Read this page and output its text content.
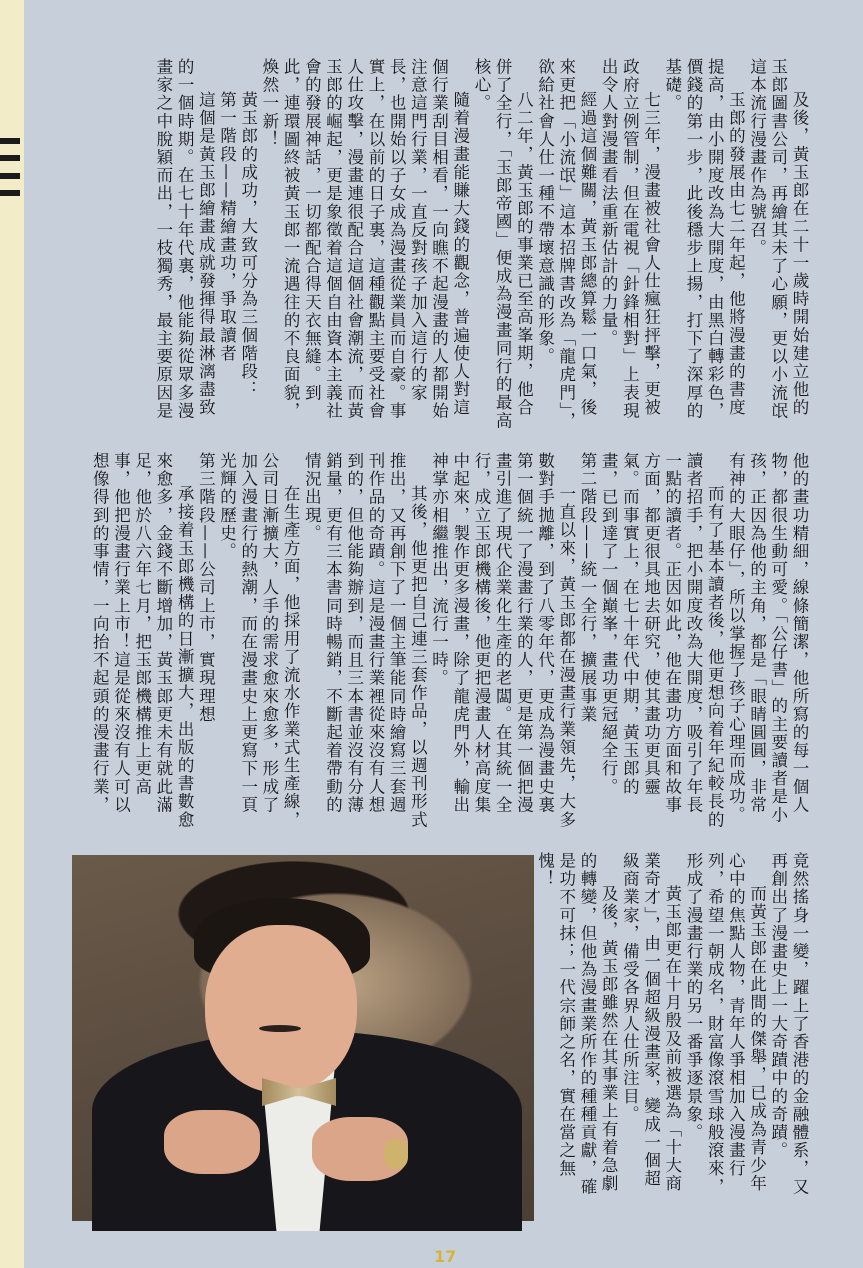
及後，黃玉郎在二十一歲時開始建立他的玉郎圖書公司，再繪其未了心願，更以小流氓這本流行漫畫作為號召。

玉郎的發展由七二年起，他將漫畫的書度提高，由小開度改為大開度，由黑白轉彩色，價錢的第一步，此後穩步上揚，打下了深厚的基礎。

七三年，漫畫被社會人仕瘋狂抨擊，更被政府立例管制，但在電視「針鋒相對」上表現出令人對漫畫看法重新估計的力量。

經過這個難關，黃玉郎總算鬆一口氣，後來更把「小流氓」這本招牌書改為「龍虎門」，欲給社會人仕一種不帶壞意識的形象。

八二年，黃玉郎的事業已至高峯期，他合併了全行，「玉郎帝國」便成為漫畫同行的最高核心。

隨着漫畫能賺大錢的觀念，普遍使人對這個行業刮目相看，一向瞧不起漫畫的人都開始注意這門行業，一直反對孩子加入這行的家長，也開始以子女成為漫畫從業員而自豪。事實上，在以前的日子裏，這種觀點主要受社會人仕攻擊，漫畫連很配合這個社會潮流，而黃玉郎的崛起，更是象徵着這個自由資本主義社會的發展神話，一切都配合得天衣無縫。到此，連環圖終被黃玉郎一流遇往的不良面貌，煥然一新！

黃玉郎的成功，大致可分為三個階段：

第一階段——精繪畫功，爭取讀者

這個是黃玉郎繪畫成就發揮得最淋漓盡致的一個時期。在七十年代裏，他能夠從眾多漫畫家之中脫穎而出，一枝獨秀，最主要原因是

他的畫功精細，線條簡潔，他所寫的每一個人物，都很生動可愛。「公仔書」的主要讀者是小孩，正因為他的主角，都是「眼睛圓圓，非常有神的大眼仔」，所以掌握了孩子心理而成功。

而有了基本讀者後，他更想向着年紀較長的讀者招手，把小開度改為大開度，吸引了年長一點的讀者。正因如此，他在畫功方面和故事方面，都更很具地去研究，使其畫功更具靈氣。而事實上，在七十年代中期，黃玉郎的畫，已到達了一個巔峯，畫功更冠絕全行。

第二階段——統一全行，擴展事業

一直以來，黃玉郎都在漫畫行業領先，大多數對手拋離，到了八零年代，更成為漫畫史裏第一個統一了漫畫行業的人，更是第一個把漫畫引進了現代企業化生產的老闆。在其統一全行，成立玉郎機構後，他更把漫畫人材高度集中起來，製作更多漫畫，除了龍虎門外，輸出神掌亦相繼推出，流行一時。

其後，他更把自己連三套作品，以週刊形式推出，又再創下了一個主筆能同時繪寫三套週刊作品的奇蹟。這是漫畫行業裡從來沒有人想到的，但他能夠辦到，而且三本書並沒有分薄銷量，更有三本書同時暢銷，不斷起着帶動的情況出現。

在生產方面，他採用了流水作業式生產線，公司日漸擴大，人手的需求愈來愈多，形成了加入漫畫行的熱潮，而在漫畫史上更寫下一頁光輝的歷史。

第三階段——公司上市，實現理想

承接着玉郎機構的日漸擴大，出版的書數愈來愈多，金錢不斷增加，黃玉郎更未有就此滿足，他於八六年七月，把玉郎機構推上更高事，他把漫畫行業上市！這是從來沒有人可以想像得到的事情，一向抬不起頭的漫畫行業，

竟然搖身一變，躍上了香港的金融體系，又再創出了漫畫史上一大奇蹟中的奇蹟。

而黃玉郎在此間的傑舉，已成為青少年心中的焦點人物，青年人爭相加入漫畫行列，希望一朝成名，財富像滾雪球般滾來，形成了漫畫行業的另一番爭逐景象。

黃玉郎更在十月殷及前被選為「十大商業奇才」，由一個超級漫畫家，變成一個超級商業家，備受各界人仕所注目。

及後，黃玉郎雖然在其事業上有着急劇的轉變，但他為漫畫業所作的種種貢獻，確是功不可抹；一代宗師之名，實在當之無愧！

17
